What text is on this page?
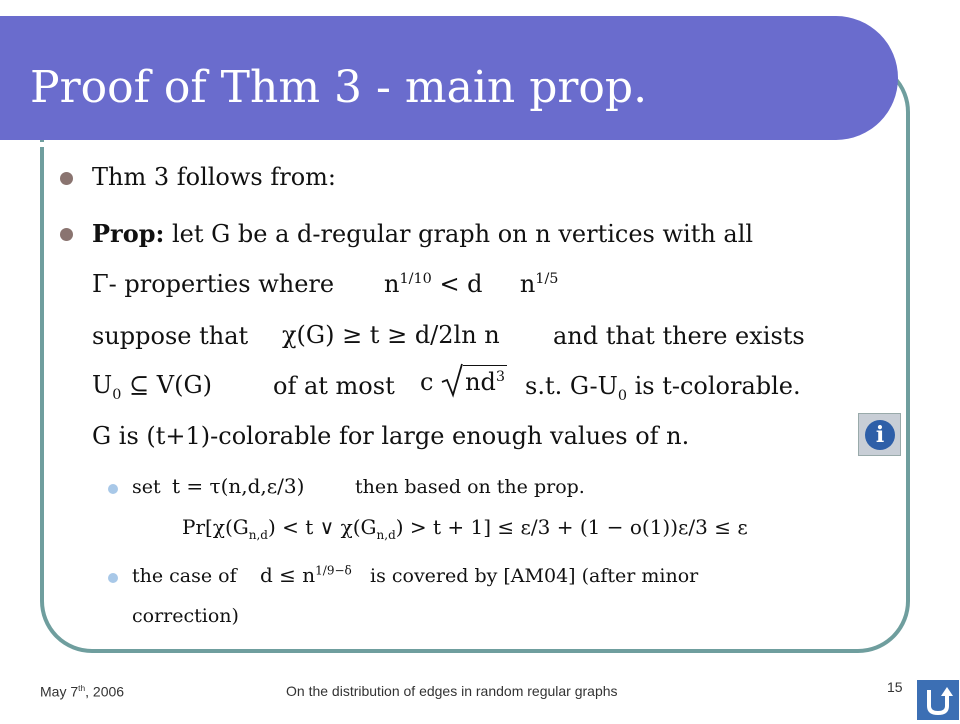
Proof of Thm 3 - main prop.
Thm 3 follows from:
Prop: let G be a d-regular graph on n vertices with all
Γ- properties where $n^{1/10} < d$ $n^{1/5}$
suppose that χ(G) ≥ t ≥ d/2ln n and that there exists
$U_0$ ⊆ V(G)	of at most c $nd^3$ s.t. $G-U_0$ is t-colorable.
G is (t+1)-colorable for large enough values of n.
set t = τ(n,d,ε/3)	then based on the prop.
$Pr[\chi(G_{n,d}) < t$ ∨ $\chi(G_{n,d}) > t + 1] \le \varepsilon/3 + (1 - o(1))\varepsilon/3 \le \varepsilon$
the case of $d \le n^{1/9-\delta}$ is covered by [AM04] (after minor
correction)
i
May 7th, 2006	On the distribution of edges in random regular graphs	15
